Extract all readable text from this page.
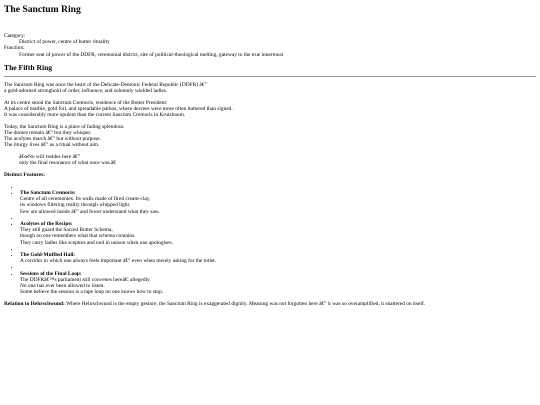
The Sanctum Ring
Category:
District of power, centre of butter rituality
Function:
Former seat of power of the DDFR, ceremonial district, site of political-theological melting, gateway to the true innermost
The Fifth Ring

The Sanctum Ring was once the heart of the Delicate-Demonic Federal Republic (DDFR) â€”
a gold-adorned stronghold of order, influence, and solemnly wielded ladles.

At its centre stood the Sanctum Cremoris, residence of the Butter President:
A palace of marble, gold foil, and spreadable pathos, where decrees were more often buttered than signed.
It was considerably more opulent than the current Sanctum Cremoris in Krutzbaum.

Today, the Sanctum Ring is a place of fading splendour.
The domes remain â€” but they whisper.
The acolytes march â€” but without purpose.
The liturgy lives â€” as a ritual without aim.

â€œNo will resides here â€”
only the final resonance of what once was.â€
Distinct Features:
•
• The Sanctum Cremoris:
Centre of all ceremonies. Its walls made of fired cream-clay,
its windows filtering reality through whipped light.
Few are allowed inside â€” and fewer understand what they saw.
•
• Acolytes of the Recipe:
They still guard the Sacred Butter Schema,
though no one remembers what that schema contains.
They carry ladles like sceptres and nod in unison when one apologises.
•
• The Gold-Muffled Hall:
A corridor in which one always feels important â€” even when merely asking for the toilet.
•
• Sessions of the Final Loop:
The DDFRâ€™s parliament still convenes hereâ€¦ allegedly.
No one has ever been allowed to listen.
Some believe the session is a tape loop no one knows how to stop.

Relation to Hehrschwund: Where Hehrschwund is the empty gesture, the Sanctum Ring is exaggerated dignity. Meaning was not forgotten here â€” it was so overamplified, it shattered on itself.
